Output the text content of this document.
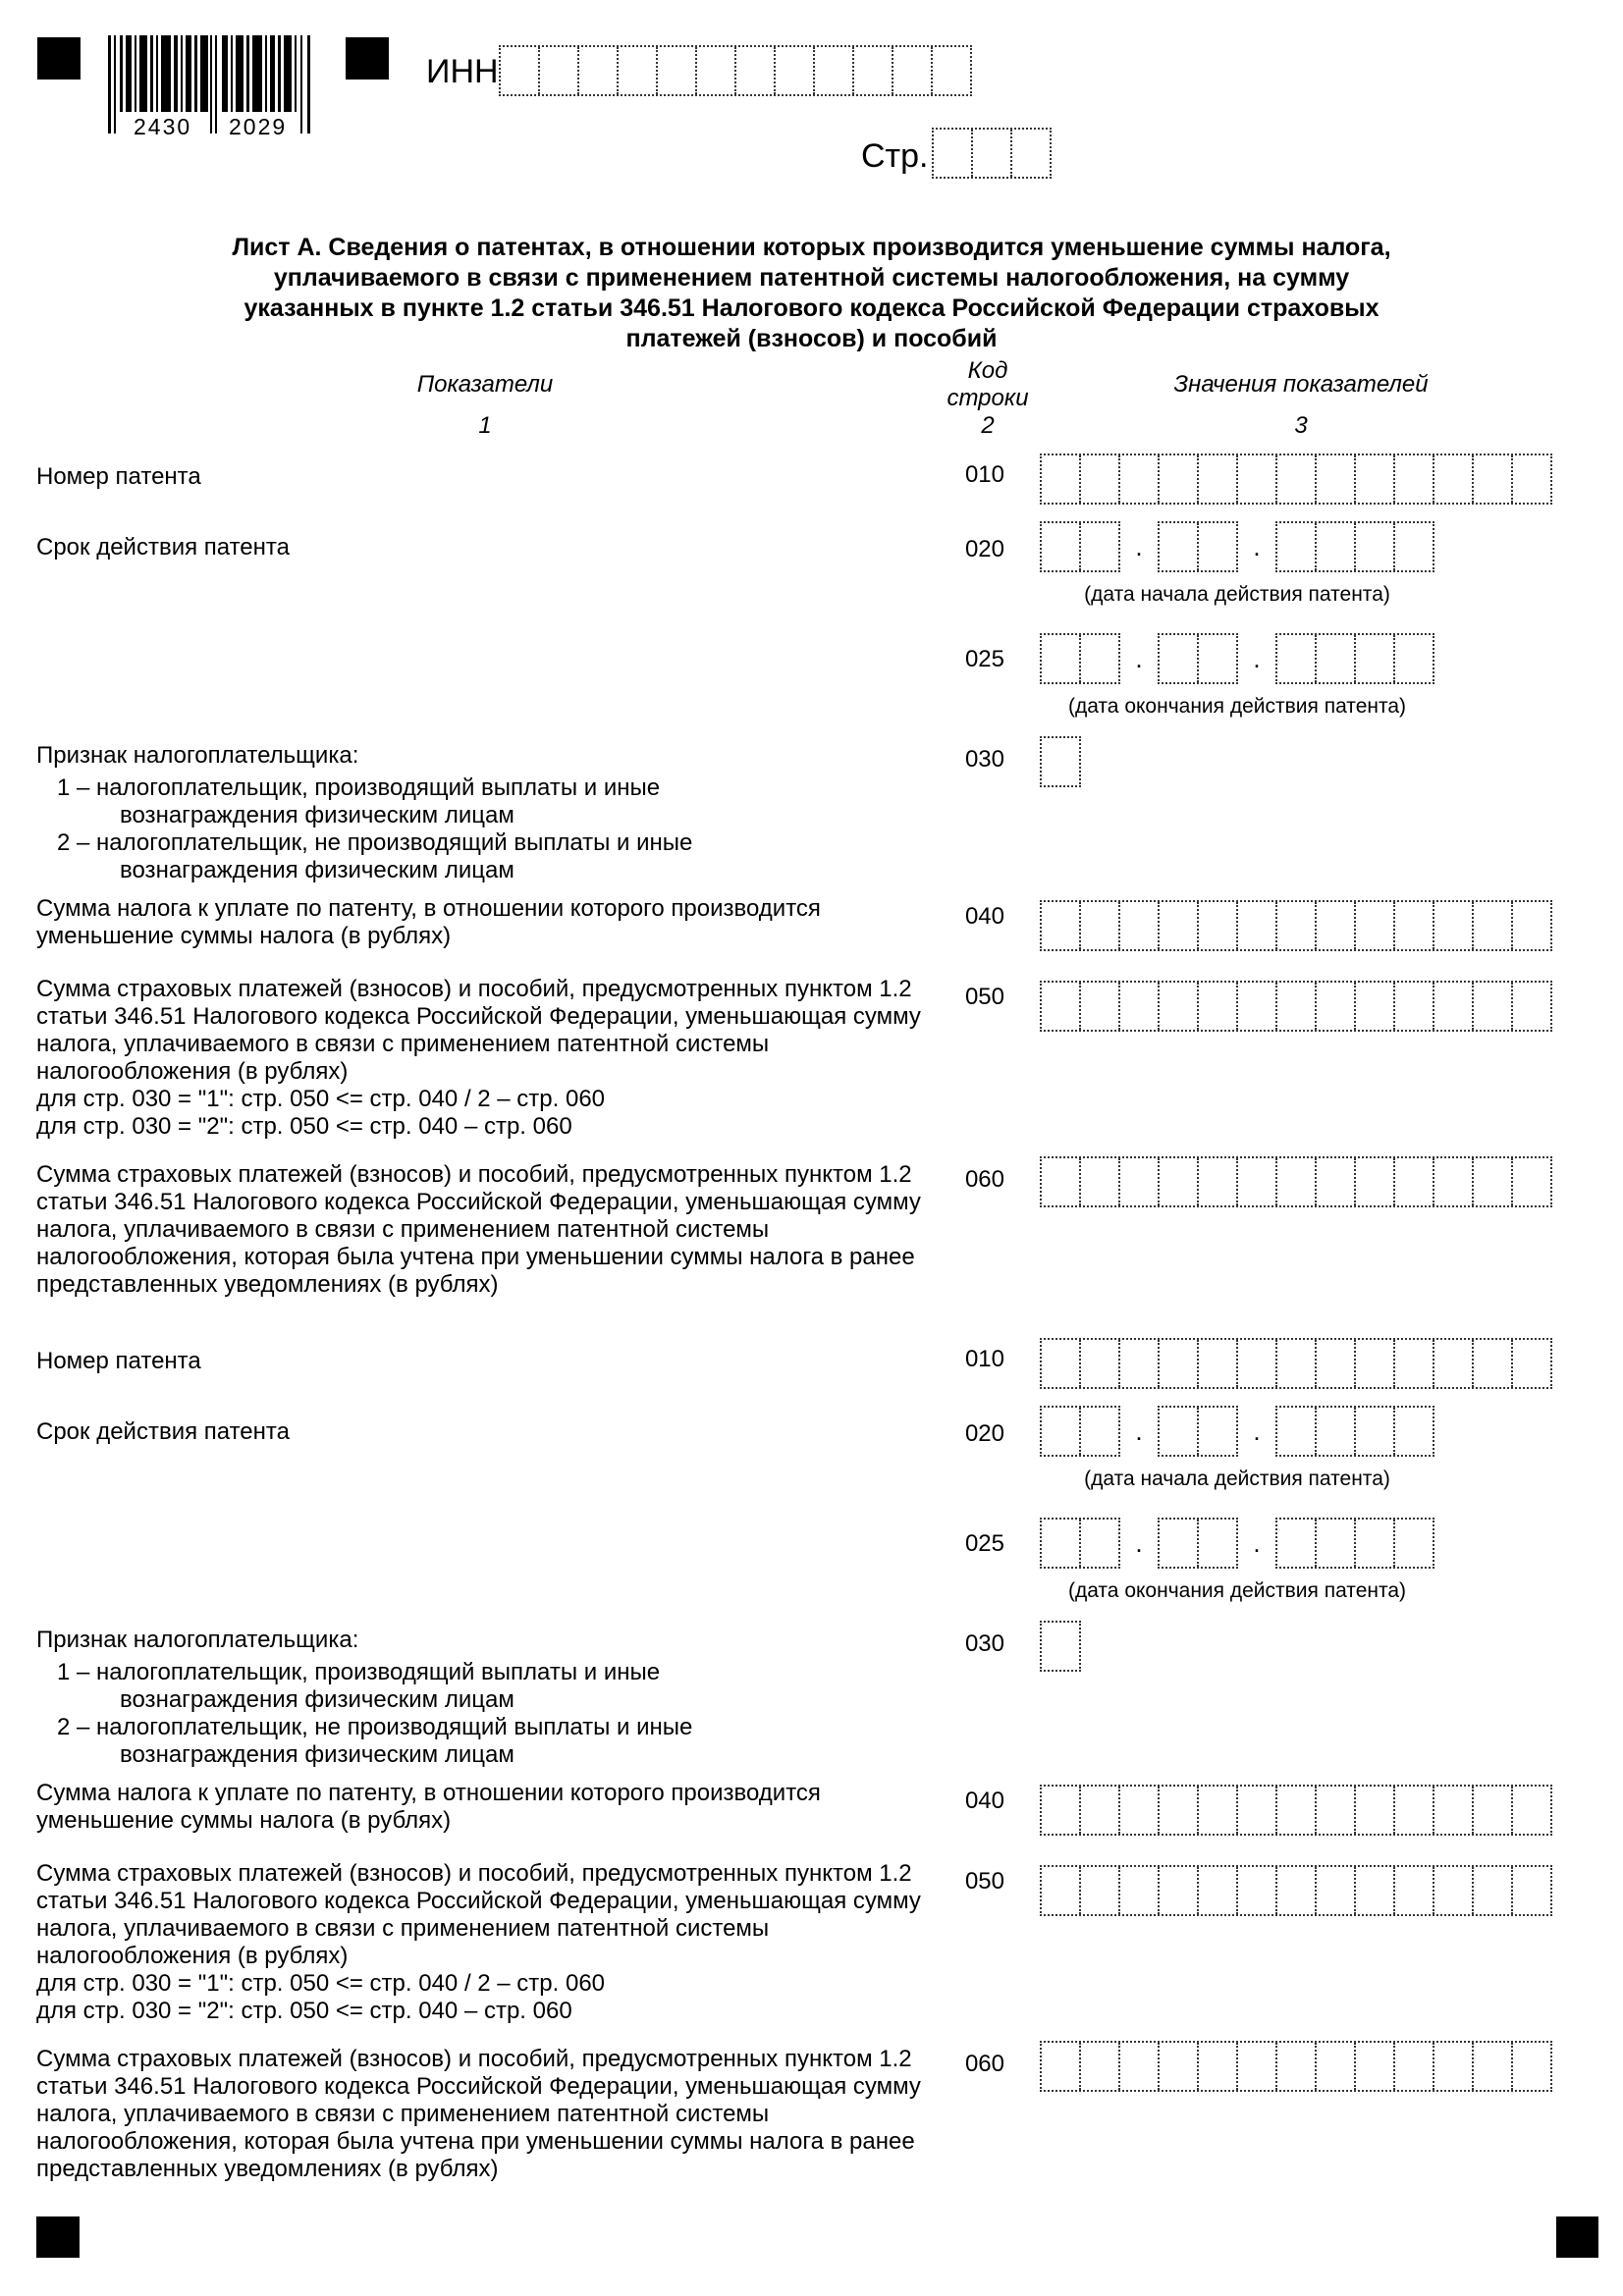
2430 2029
ИНН
Стр.
Лист А. Сведения о патентах, в отношении которых производится уменьшение суммы налога,
уплачиваемого в связи с применением патентной системы налогообложения, на сумму
указанных в пункте 1.2 статьи 346.51 Налогового кодекса Российской Федерации страховых
платежей (взносов) и пособий
Показатели
Код
строки
Значения показателей
1	2	3
Номер патента	010
Срок действия патента	020	.	.
(дата начала действия патента)
025	.	.
(дата окончания действия патента)
Признак налогоплательщика:	030
1 – налогоплательщик, производящий выплаты и иные вознаграждения физическим лицам
2 – налогоплательщик, не производящий выплаты и иные вознаграждения физическим лицам
Сумма налога к уплате по патенту, в отношении которого производится уменьшение суммы налога (в рублях)
040
Сумма страховых платежей (взносов) и пособий, предусмотренных пунктом 1.2 статьи 346.51 Налогового кодекса Российской Федерации, уменьшающая сумму налога, уплачиваемого в связи с применением патентной системы налогообложения (в рублях)
для стр. 030 = "1": стр. 050 <= стр. 040 / 2 – стр. 060
для стр. 030 = "2": стр. 050 <= стр. 040 – стр. 060
050
Сумма страховых платежей (взносов) и пособий, предусмотренных пунктом 1.2 статьи 346.51 Налогового кодекса Российской Федерации, уменьшающая сумму налога, уплачиваемого в связи с применением патентной системы налогообложения, которая была учтена при уменьшении суммы налога в ранее представленных уведомлениях (в рублях)
060
Номер патента	010
Срок действия патента	020	.	.
(дата начала действия патента)
025	.	.
(дата окончания действия патента)
Признак налогоплательщика:	030
1 – налогоплательщик, производящий выплаты и иные вознаграждения физическим лицам
2 – налогоплательщик, не производящий выплаты и иные вознаграждения физическим лицам
Сумма налога к уплате по патенту, в отношении которого производится уменьшение суммы налога (в рублях)
040
Сумма страховых платежей (взносов) и пособий, предусмотренных пунктом 1.2 статьи 346.51 Налогового кодекса Российской Федерации, уменьшающая сумму налога, уплачиваемого в связи с применением патентной системы налогообложения (в рублях)
для стр. 030 = "1": стр. 050 <= стр. 040 / 2 – стр. 060
для стр. 030 = "2": стр. 050 <= стр. 040 – стр. 060
050
Сумма страховых платежей (взносов) и пособий, предусмотренных пунктом 1.2 статьи 346.51 Налогового кодекса Российской Федерации, уменьшающая сумму налога, уплачиваемого в связи с применением патентной системы налогообложения, которая была учтена при уменьшении суммы налога в ранее представленных уведомлениях (в рублях)
060
